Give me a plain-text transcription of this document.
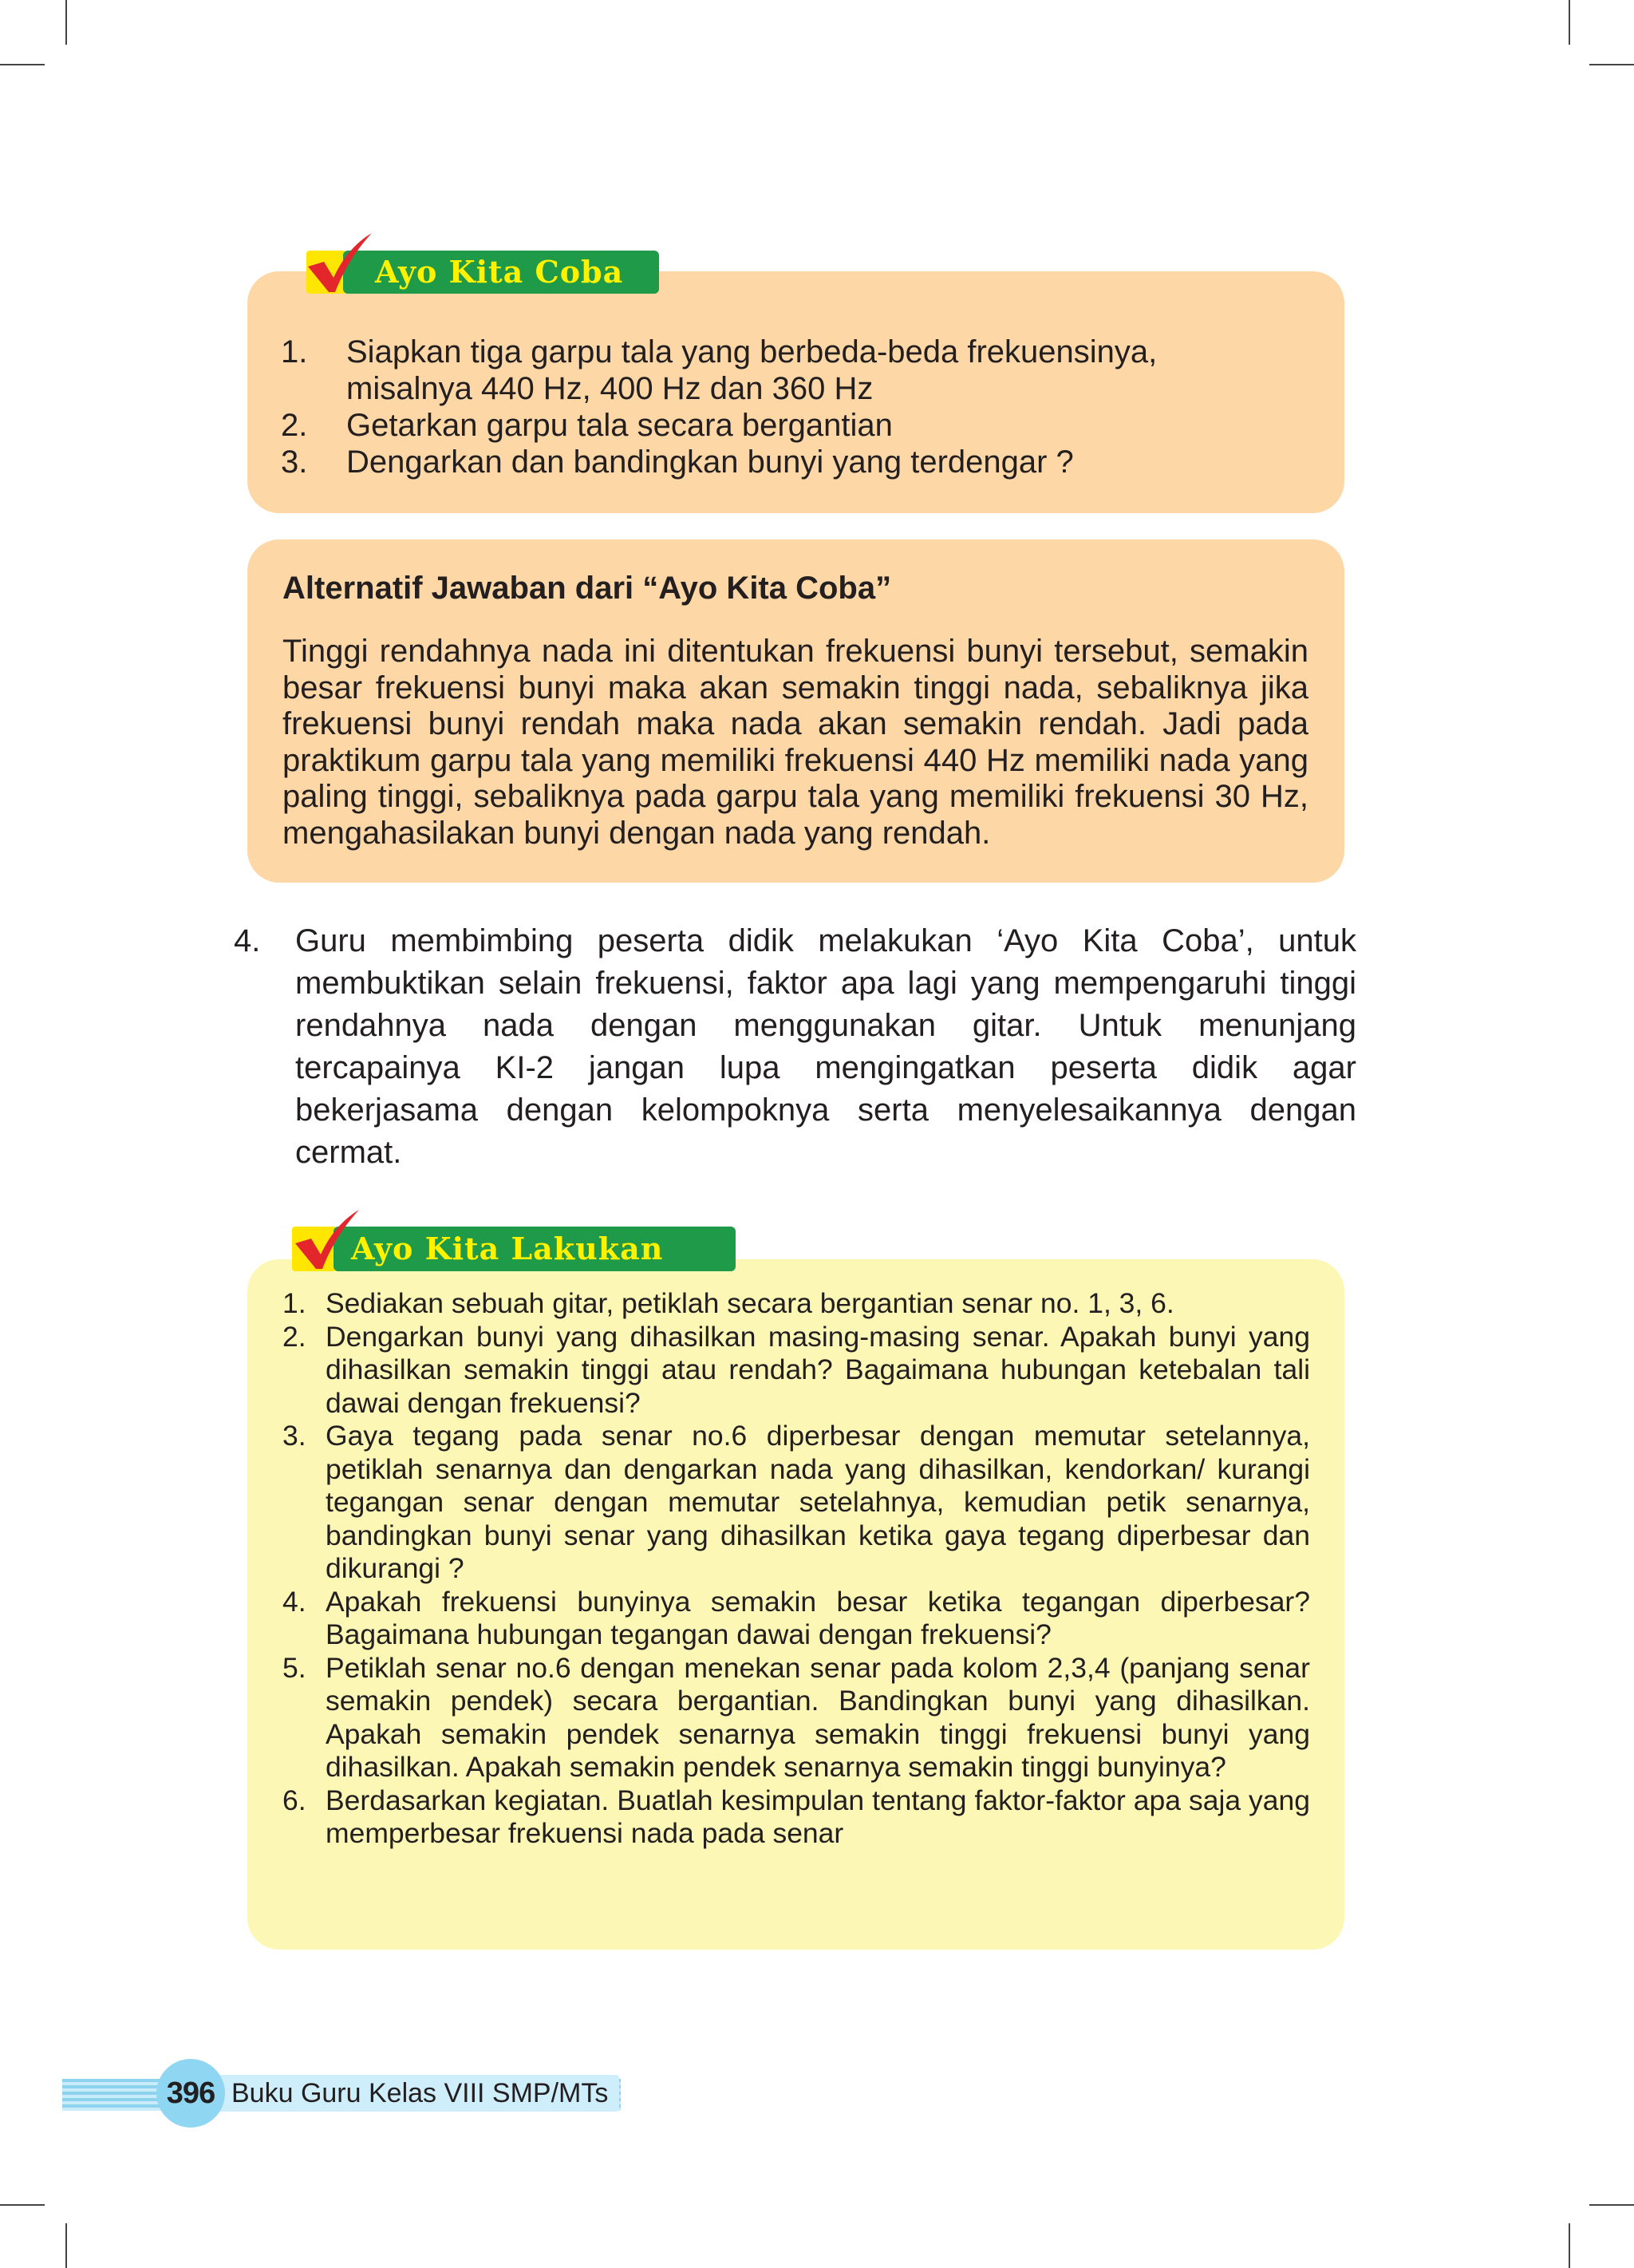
Ayo Kita Coba
1.	Siapkan tiga garpu tala yang berbeda-beda frekuensinya,
misalnya 440 Hz, 400 Hz dan 360 Hz
2.	Getarkan garpu tala secara bergantian
3.	Dengarkan dan bandingkan bunyi yang terdengar ?
Alternatif Jawaban dari “Ayo Kita Coba”
Tinggi rendahnya nada ini ditentukan frekuensi bunyi tersebut, semakin besar frekuensi bunyi maka akan semakin tinggi nada, sebaliknya jika frekuensi bunyi rendah maka nada akan semakin rendah. Jadi pada praktikum garpu tala yang memiliki frekuensi 440 Hz memiliki nada yang paling tinggi, sebaliknya pada garpu tala yang memiliki frekuensi 30 Hz, mengahasilakan bunyi dengan nada yang rendah.
4. Guru membimbing peserta didik melakukan ‘Ayo Kita Coba’, untuk membuktikan selain frekuensi, faktor apa lagi yang mempengaruhi tinggi rendahnya nada dengan menggunakan gitar. Untuk menunjang tercapainya KI-2 jangan lupa mengingatkan peserta didik agar bekerjasama dengan kelompoknya serta menyelesaikannya dengan cermat.
Ayo Kita Lakukan
1. Sediakan sebuah gitar, petiklah secara bergantian senar no. 1, 3, 6.
2. Dengarkan bunyi yang dihasilkan masing-masing senar. Apakah bunyi yang dihasilkan semakin tinggi atau rendah? Bagaimana hubungan ketebalan tali dawai dengan frekuensi?
3. Gaya tegang pada senar no.6 diperbesar dengan memutar setelannya, petiklah senarnya dan dengarkan nada yang dihasilkan, kendorkan/ kurangi tegangan senar dengan memutar setelahnya, kemudian petik senarnya, bandingkan bunyi senar yang dihasilkan ketika gaya tegang diperbesar dan dikurangi ?
4. Apakah frekuensi bunyinya semakin besar ketika tegangan diperbesar? Bagaimana hubungan tegangan dawai dengan frekuensi?
5. Petiklah senar no.6 dengan menekan senar pada kolom 2,3,4 (panjang senar semakin pendek) secara bergantian. Bandingkan bunyi yang dihasilkan. Apakah semakin pendek senarnya semakin tinggi frekuensi bunyi yang dihasilkan. Apakah semakin pendek senarnya semakin tinggi bunyinya?
6. Berdasarkan kegiatan. Buatlah kesimpulan tentang faktor-faktor apa saja yang memperbesar frekuensi nada pada senar
396 Buku Guru Kelas VIII SMP/MTs
